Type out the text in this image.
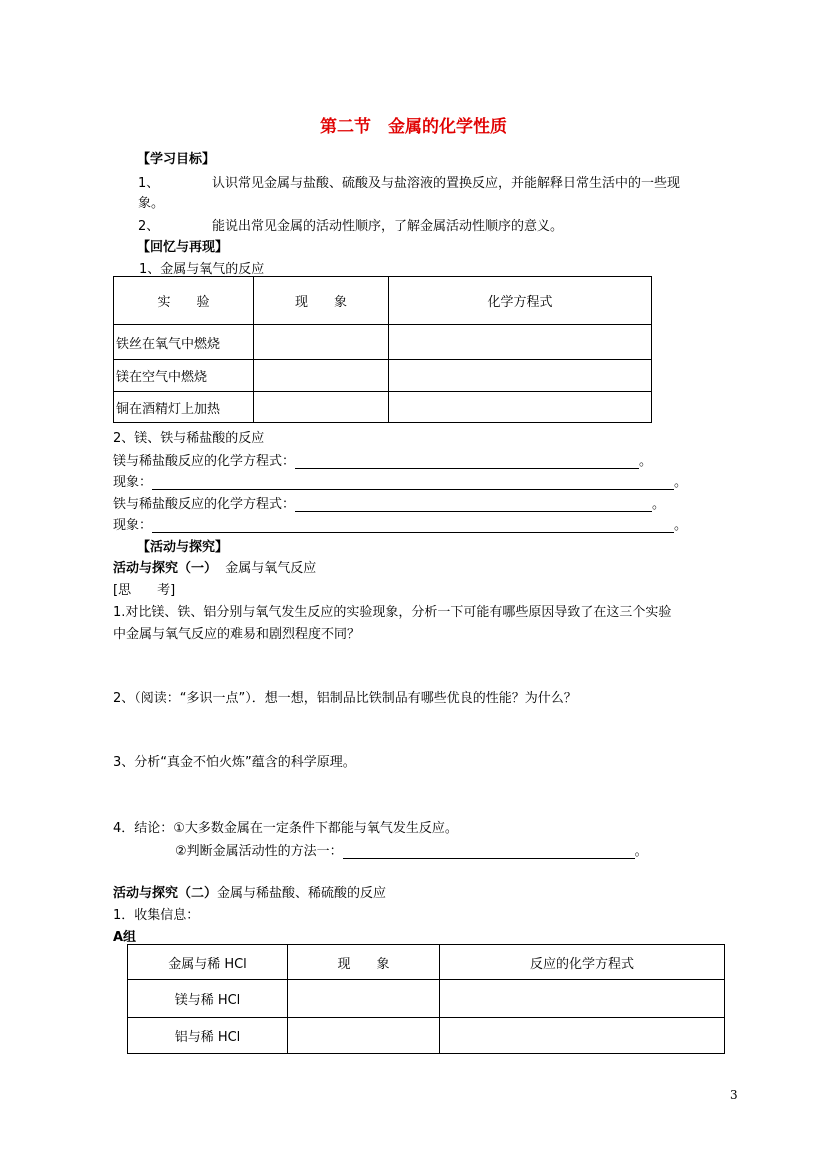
第二节　金属的化学性质
【学习目标】
1、	认识常见金属与盐酸、硫酸及与盐溶液的置换反应，并能解释日常生活中的一些现
象。
2、	能说出常见金属的活动性顺序，了解金属活动性顺序的意义。
【回忆与再现】
1、金属与氧气的反应
实　　验	现　　象	化学方程式
铁丝在氧气中燃烧		
镁在空气中燃烧		
铜在酒精灯上加热		
2、镁、铁与稀盐酸的反应
镁与稀盐酸反应的化学方程式：	。
现象：	。
铁与稀盐酸反应的化学方程式：	。
现象：	。
【活动与探究】
活动与探究（一） 金属与氧气反应
[思　　考]
1.对比镁、铁、铝分别与氧气发生反应的实验现象，分析一下可能有哪些原因导致了在这三个实验
中金属与氧气反应的难易和剧烈程度不同？
2、（阅读：“多识一点”）．想一想，铝制品比铁制品有哪些优良的性能？为什么？
3、分析“真金不怕火炼”蕴含的科学原理。
4．结论：①大多数金属在一定条件下都能与氧气发生反应。
②判断金属活动性的方法一：	。
活动与探究（二）金属与稀盐酸、稀硫酸的反应
1．收集信息：
A组
金属与稀 HCl	现　　象	反应的化学方程式
镁与稀 HCl		
铝与稀 HCl		
3
